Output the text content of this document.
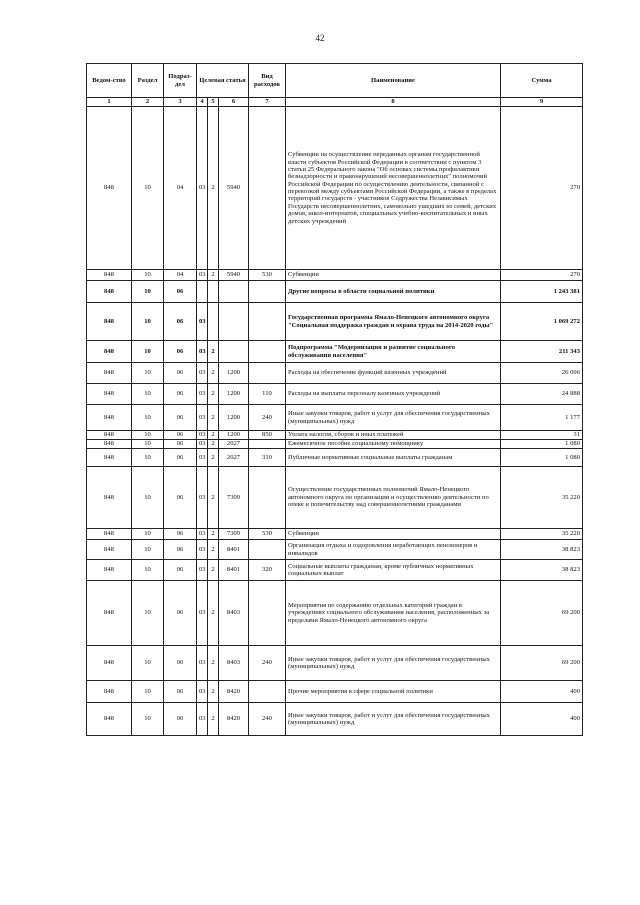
42
Ведом-ство	Раздел	Подраз-дел	Целевая статья			Вид расходов	Наименование	Сумма
1	2	3	4	5	6	7	8	9
848	10	04	03	2	5940		Субвенции на осуществление переданных органам государственной власти субъектов Российской Федерации в соответствии с пунктом 3 статьи 25 Федерального закона "Об основах системы профилактики безнадзорности и правонарушений несовершеннолетних" полномочий Российской Федерации по осуществлению деятельности, связанной с перевозкой между субъектами Российской Федерации, а также в пределах территорий государств - участников Содружества Независимых Государств несовершеннолетних, самовольно ушедших из семей, детских домов, школ-интернатов, специальных учебно-воспитательных и иных детских учреждений	270
848	10	04	03	2	5940	530	Субвенции	270
848	10	06					Другие вопросы в области социальной политики	1 243 381
848	10	06	03				Государственная программа Ямало-Ненецкого автономного округа "Социальная поддержка граждан и охрана труда на 2014-2020 годы"	1 069 272
848	10	06	03	2			Подпрограмма "Модернизация и развитие социального обслуживания населения"	211 343
848	10	06	03	2	1200		Расходы на обеспечение функций казенных учреждений	26 096
848	10	06	03	2	1200	110	Расходы на выплаты персоналу казенных учреждений	24 888
848	10	06	03	2	1200	240	Иные закупки товаров, работ и услуг для обеспечения государственных (муниципальных) нужд	1 177
848	10	06	03	2	1200	850	Уплата налогов, сборов и иных платежей	31
848	10	06	03	2	2027		Ежемесячное пособие социальному помощнику	1 080
848	10	06	03	2	2027	310	Публичные нормативные социальные выплаты гражданам	1 080
848	10	06	03	2	7309		Осуществление государственных полномочий Ямало-Ненецкого автономного округа по организации и осуществлению деятельности по опеке и попечительству над совершеннолетними гражданами	35 220
848	10	06	03	2	7309	530	Субвенции	35 220
848	10	06	03	2	8401		Организация отдыха и оздоровления неработающих пенсионеров и инвалидов	38 823
848	10	06	03	2	8401	320	Социальные выплаты гражданам, кроме публичных нормативных социальных выплат	38 823
848	10	06	03	2	8403		Мероприятия по содержанию отдельных категорий граждан в учреждениях социального обслуживания населения, расположенных за пределами Ямало-Ненецкого автономного округа	69 200
848	10	06	03	2	8403	240	Иные закупки товаров, работ и услуг для обеспечения государственных (муниципальных) нужд	69 200
848	10	06	03	2	8420		Прочие мероприятия в сфере социальной политики	400
848	10	06	03	2	8420	240	Иные закупки товаров, работ и услуг для обеспечения государственных (муниципальных) нужд	400
